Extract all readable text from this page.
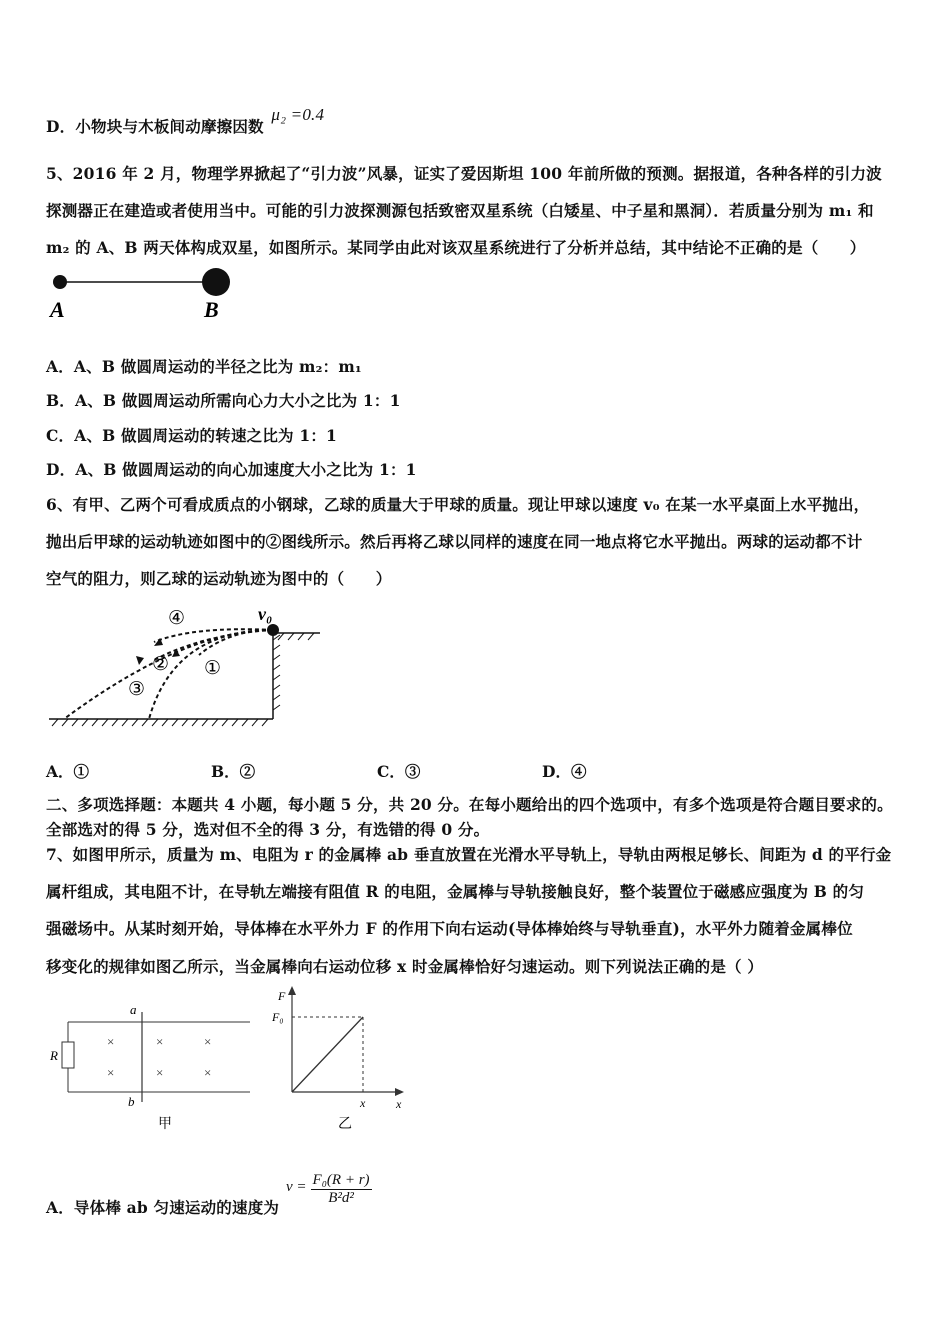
D．小物块与木板间动摩擦因数 μ₂ =0.4
5、2016 年 2 月，物理学界掀起了“引力波”风暴，证实了爱因斯坦 100 年前所做的预测。据报道，各种各样的引力波
探测器正在建造或者使用当中。可能的引力波探测源包括致密双星系统（白矮星、中子星和黑洞）．若质量分别为 m₁ 和
m₂ 的 A、B 两天体构成双星，如图所示。某同学由此对该双星系统进行了分析并总结，其中结论不正确的是（　　）
A	B
A．A、B 做圆周运动的半径之比为 m₂：m₁
B．A、B 做圆周运动所需向心力大小之比为 1：1
C．A、B 做圆周运动的转速之比为 1：1
D．A、B 做圆周运动的向心加速度大小之比为 1：1
6、有甲、乙两个可看成质点的小钢球，乙球的质量大于甲球的质量。现让甲球以速度 v₀ 在某一水平桌面上水平抛出，
抛出后甲球的运动轨迹如图中的②图线所示。然后再将乙球以同样的速度在同一地点将它水平抛出。两球的运动都不计
空气的阻力，则乙球的运动轨迹为图中的（　　）
v₀
④
② ①
③
A．①	B．②	C．③	D．④
二、多项选择题：本题共 4 小题，每小题 5 分，共 20 分。在每小题给出的四个选项中，有多个选项是符合题目要求的。
全部选对的得 5 分，选对但不全的得 3 分，有选错的得 0 分。
7、如图甲所示，质量为 m、电阻为 r 的金属棒 ab 垂直放置在光滑水平导轨上，导轨由两根足够长、间距为 d 的平行金
属杆组成，其电阻不计，在导轨左端接有阻值 R 的电阻，金属棒与导轨接触良好，整个装置位于磁感应强度为 B 的匀
强磁场中。从某时刻开始，导体棒在水平外力 F 的作用下向右运动(导体棒始终与导轨垂直)，水平外力随着金属棒位
移变化的规律如图乙所示，当金属棒向右运动位移 x 时金属棒恰好匀速运动。则下列说法正确的是（ ）
R
a
b
×	×	×
×	×	×
甲
F
x
F₀
x
乙
A．导体棒 ab 匀速运动的速度为
$v = \frac{\text{F₀(R + r)}}{\text{B²d²}}$
